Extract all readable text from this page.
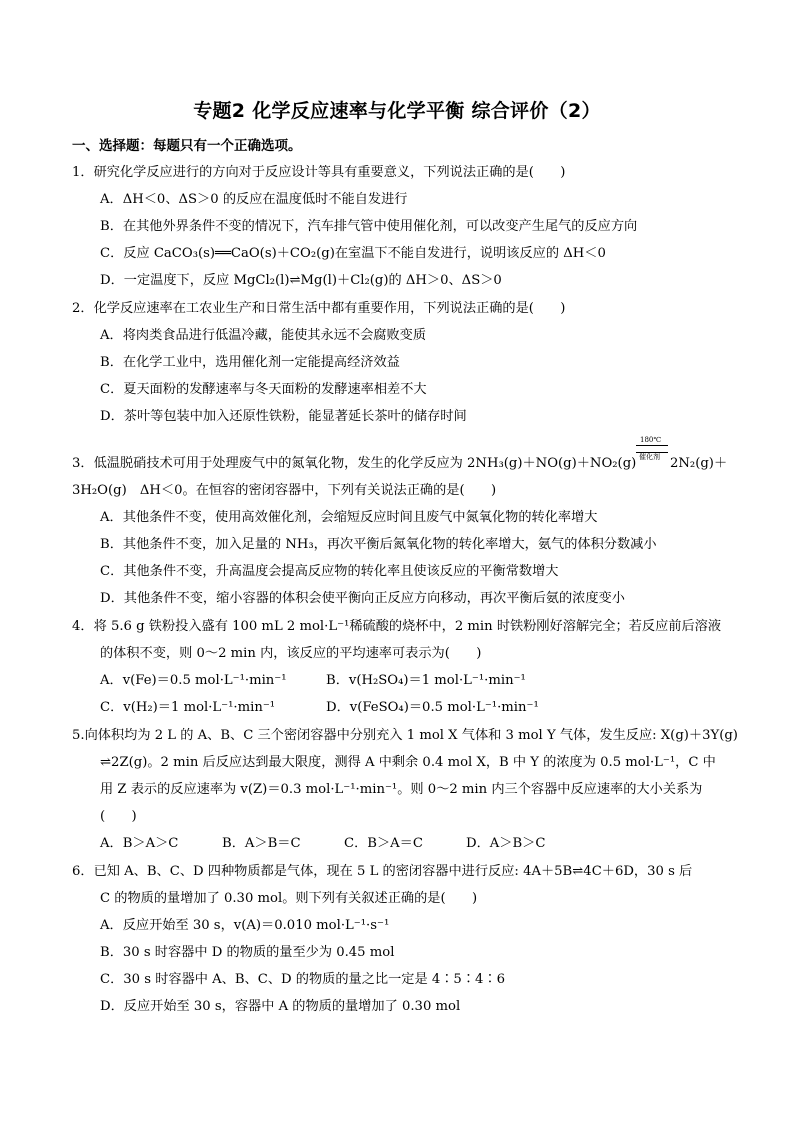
专题2 化学反应速率与化学平衡 综合评价（2）
一、选择题：每题只有一个正确选项。
1．研究化学反应进行的方向对于反应设计等具有重要意义，下列说法正确的是(　　)
A．ΔH＜0、ΔS＞0 的反应在温度低时不能自发进行
B．在其他外界条件不变的情况下，汽车排气管中使用催化剂，可以改变产生尾气的反应方向
C．反应 CaCO₃(s)══CaO(s)＋CO₂(g)在室温下不能自发进行，说明该反应的 ΔH＜0
D．一定温度下，反应 MgCl₂(l)⇌Mg(l)＋Cl₂(g)的 ΔH＞0、ΔS＞0
2．化学反应速率在工农业生产和日常生活中都有重要作用，下列说法正确的是(　　)
A．将肉类食品进行低温冷藏，能使其永远不会腐败变质
B．在化学工业中，选用催化剂一定能提高经济效益
C．夏天面粉的发酵速率与冬天面粉的发酵速率相差不大
D．茶叶等包装中加入还原性铁粉，能显著延长茶叶的储存时间
180℃
催化剂
3．低温脱硝技术可用于处理废气中的氮氧化物，发生的化学反应为 2NH₃(g)＋NO(g)＋NO₂(g)	2N₂(g)＋
3H₂O(g)　ΔH＜0。在恒容的密闭容器中，下列有关说法正确的是(　　)
A．其他条件不变，使用高效催化剂，会缩短反应时间且废气中氮氧化物的转化率增大
B．其他条件不变，加入足量的 NH₃，再次平衡后氮氧化物的转化率增大，氨气的体积分数减小
C．其他条件不变，升高温度会提高反应物的转化率且使该反应的平衡常数增大
D．其他条件不变，缩小容器的体积会使平衡向正反应方向移动，再次平衡后氨的浓度变小
4．将 5.6 g 铁粉投入盛有 100 mL 2 mol·L⁻¹稀硫酸的烧杯中，2 min 时铁粉刚好溶解完全；若反应前后溶液
的体积不变，则 0～2 min 内，该反应的平均速率可表示为(　　)
A．v(Fe)＝0.5 mol·L⁻¹·min⁻¹	B．v(H₂SO₄)＝1 mol·L⁻¹·min⁻¹
C．v(H₂)＝1 mol·L⁻¹·min⁻¹	D．v(FeSO₄)＝0.5 mol·L⁻¹·min⁻¹
5.向体积均为 2 L 的 A、B、C 三个密闭容器中分别充入 1 mol X 气体和 3 mol Y 气体，发生反应: X(g)＋3Y(g)
⇌2Z(g)。2 min 后反应达到最大限度，测得 A 中剩余 0.4 mol X，B 中 Y 的浓度为 0.5 mol·L⁻¹，C 中
用 Z 表示的反应速率为 v(Z)＝0.3 mol·L⁻¹·min⁻¹。则 0～2 min 内三个容器中反应速率的大小关系为
(　　)
A．B＞A＞C	B．A＞B＝C	C．B＞A＝C	D．A＞B＞C
6．已知 A、B、C、D 四种物质都是气体，现在 5 L 的密闭容器中进行反应: 4A＋5B⇌4C＋6D，30 s 后
C 的物质的量增加了 0.30 mol。则下列有关叙述正确的是(　　)
A．反应开始至 30 s，v(A)＝0.010 mol·L⁻¹·s⁻¹
B．30 s 时容器中 D 的物质的量至少为 0.45 mol
C．30 s 时容器中 A、B、C、D 的物质的量之比一定是 4∶5∶4∶6
D．反应开始至 30 s，容器中 A 的物质的量增加了 0.30 mol
